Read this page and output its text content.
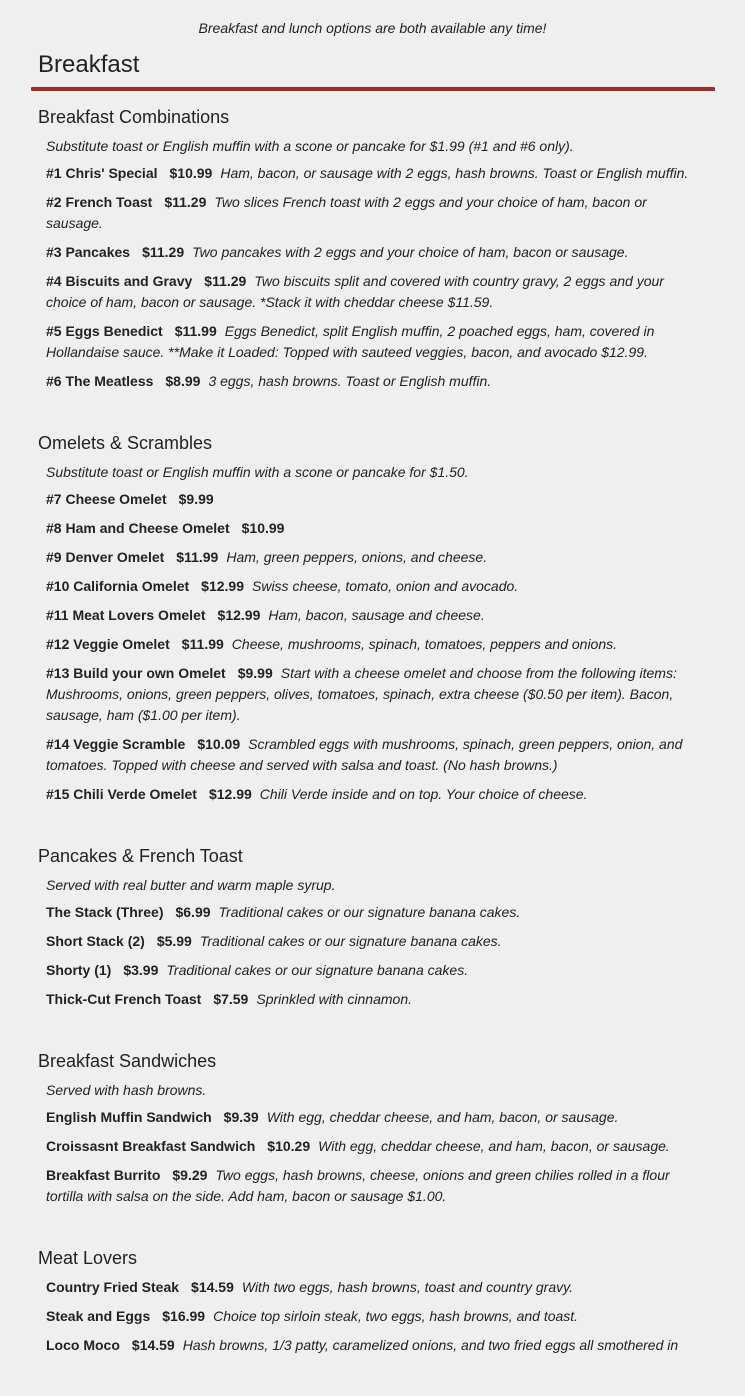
Breakfast and lunch options are both available any time!
Breakfast
Breakfast Combinations
Substitute toast or English muffin with a scone or pancake for $1.99 (#1 and #6 only).
#1 Chris' Special $10.99 Ham, bacon, or sausage with 2 eggs, hash browns. Toast or English muffin.
#2 French Toast $11.29 Two slices French toast with 2 eggs and your choice of ham, bacon or sausage.
#3 Pancakes $11.29 Two pancakes with 2 eggs and your choice of ham, bacon or sausage.
#4 Biscuits and Gravy $11.29 Two biscuits split and covered with country gravy, 2 eggs and your choice of ham, bacon or sausage. *Stack it with cheddar cheese $11.59.
#5 Eggs Benedict $11.99 Eggs Benedict, split English muffin, 2 poached eggs, ham, covered in Hollandaise sauce. **Make it Loaded: Topped with sauteed veggies, bacon, and avocado $12.99.
#6 The Meatless $8.99 3 eggs, hash browns. Toast or English muffin.
Omelets & Scrambles
Substitute toast or English muffin with a scone or pancake for $1.50.
#7 Cheese Omelet $9.99
#8 Ham and Cheese Omelet $10.99
#9 Denver Omelet $11.99 Ham, green peppers, onions, and cheese.
#10 California Omelet $12.99 Swiss cheese, tomato, onion and avocado.
#11 Meat Lovers Omelet $12.99 Ham, bacon, sausage and cheese.
#12 Veggie Omelet $11.99 Cheese, mushrooms, spinach, tomatoes, peppers and onions.
#13 Build your own Omelet $9.99 Start with a cheese omelet and choose from the following items: Mushrooms, onions, green peppers, olives, tomatoes, spinach, extra cheese ($0.50 per item). Bacon, sausage, ham ($1.00 per item).
#14 Veggie Scramble $10.09 Scrambled eggs with mushrooms, spinach, green peppers, onion, and tomatoes. Topped with cheese and served with salsa and toast. (No hash browns.)
#15 Chili Verde Omelet $12.99 Chili Verde inside and on top. Your choice of cheese.
Pancakes & French Toast
Served with real butter and warm maple syrup.
The Stack (Three) $6.99 Traditional cakes or our signature banana cakes.
Short Stack (2) $5.99 Traditional cakes or our signature banana cakes.
Shorty (1) $3.99 Traditional cakes or our signature banana cakes.
Thick-Cut French Toast $7.59 Sprinkled with cinnamon.
Breakfast Sandwiches
Served with hash browns.
English Muffin Sandwich $9.39 With egg, cheddar cheese, and ham, bacon, or sausage.
Croissasnt Breakfast Sandwich $10.29 With egg, cheddar cheese, and ham, bacon, or sausage.
Breakfast Burrito $9.29 Two eggs, hash browns, cheese, onions and green chilies rolled in a flour tortilla with salsa on the side. Add ham, bacon or sausage $1.00.
Meat Lovers
Country Fried Steak $14.59 With two eggs, hash browns, toast and country gravy.
Steak and Eggs $16.99 Choice top sirloin steak, two eggs, hash browns, and toast.
Loco Moco $14.59 Hash browns, 1/3 patty, caramelized onions, and two fried eggs all smothered in
